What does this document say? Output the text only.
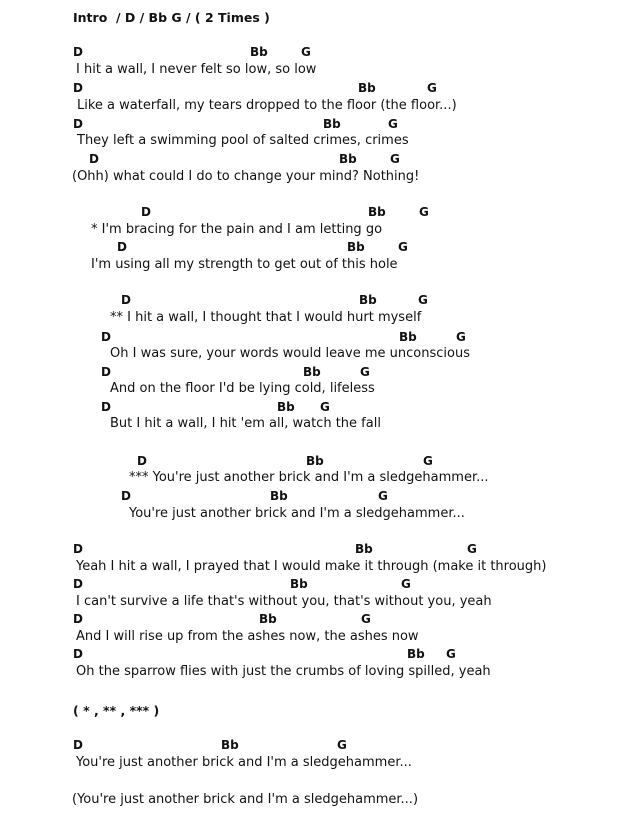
Intro  / D / Bb G / ( 2 Times )
( * , ** , *** )
(You're just another brick and I'm a sledgehammer...)
D	Bb	G
I hit a wall, I never felt so low, so low
D	Bb	G
Like a waterfall, my tears dropped to the floor (the floor...)
D	Bb	G
They left a swimming pool of salted crimes, crimes
D	Bb	G
(Ohh) what could I do to change your mind? Nothing!
D	Bb	G
* I'm bracing for the pain and I am letting go
D	Bb	G
I'm using all my strength to get out of this hole
D	Bb	G
** I hit a wall, I thought that I would hurt myself
D	Bb	G
Oh I was sure, your words would leave me unconscious
D	Bb	G
And on the floor I'd be lying cold, lifeless
D	Bb G
But I hit a wall, I hit 'em all, watch the fall
D	Bb	G
*** You're just another brick and I'm a sledgehammer...
D	Bb	G
You're just another brick and I'm a sledgehammer...
D	Bb	G
Yeah I hit a wall, I prayed that I would make it through (make it through)
D	Bb	G
I can't survive a life that's without you, that's without you, yeah
D	Bb	G
And I will rise up from the ashes now, the ashes now
D	Bb G
Oh the sparrow flies with just the crumbs of loving spilled, yeah
D	Bb	G
You're just another brick and I'm a sledgehammer...
